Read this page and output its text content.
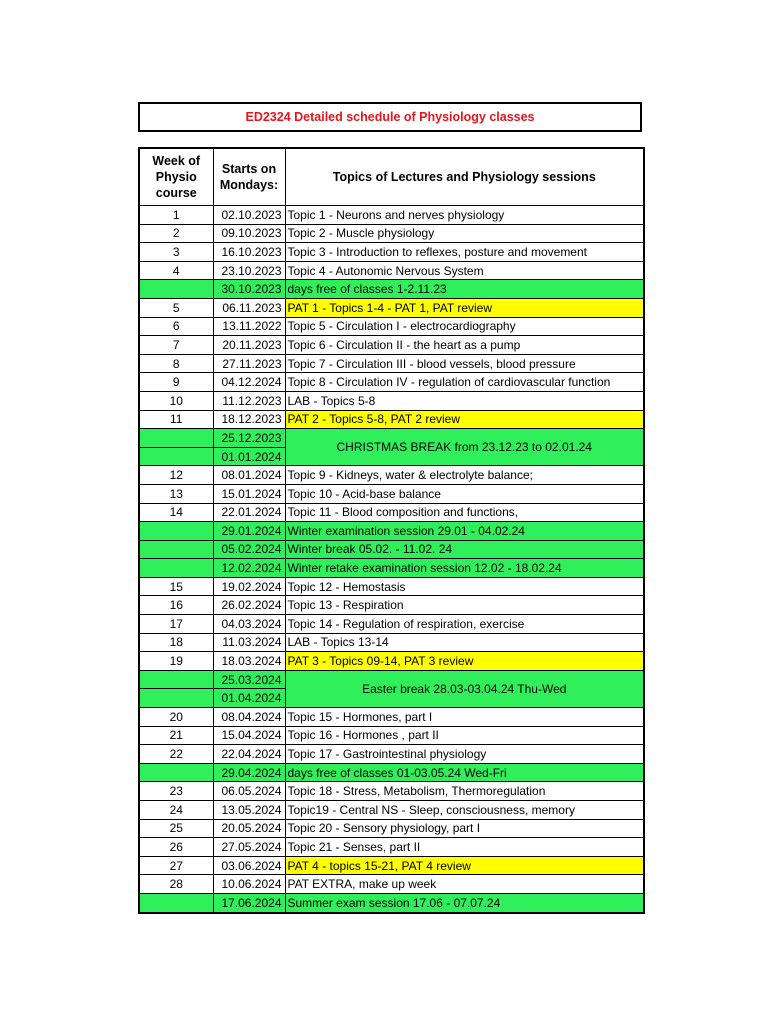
ED2324 Detailed schedule of Physiology classes
Week of Physio course	Starts on Mondays:	Topics of Lectures and Physiology sessions
1	02.10.2023	Topic 1 - Neurons and nerves physiology
2	09.10.2023	Topic 2 - Muscle physiology
3	16.10.2023	Topic 3 - Introduction to reflexes, posture and movement
4	23.10.2023	Topic 4 - Autonomic Nervous System
	30.10.2023	days free of classes 1-2.11.23
5	06.11.2023	PAT 1 - Topics 1-4 - PAT 1, PAT review
6	13.11.2022	Topic 5 - Circulation I - electrocardiography
7	20.11.2023	Topic 6 - Circulation II - the heart as a pump
8	27.11.2023	Topic 7 - Circulation III - blood vessels, blood pressure
9	04.12.2024	Topic 8 - Circulation IV - regulation of cardiovascular function
10	11.12.2023	LAB - Topics 5-8
11	18.12.2023	PAT 2 - Topics 5-8, PAT 2 review
	25.12.2023	CHRISTMAS BREAK from 23.12.23 to 02.01.24
	01.01.2024	
12	08.01.2024	Topic 9 - Kidneys, water & electrolyte balance;
13	15.01.2024	Topic 10 - Acid-base balance
14	22.01.2024	Topic 11 - Blood composition and functions,
	29.01.2024	Winter examination session 29.01 - 04.02.24
	05.02.2024	Winter break 05.02. - 11.02. 24
	12.02.2024	Winter retake examination session 12.02 - 18.02.24
15	19.02.2024	Topic 12 - Hemostasis
16	26.02.2024	Topic 13 - Respiration
17	04.03.2024	Topic 14 - Regulation of respiration, exercise
18	11.03.2024	LAB - Topics 13-14
19	18.03.2024	PAT 3 - Topics 09-14, PAT 3 review
	25.03.2024	Easter break 28.03-03.04.24 Thu-Wed
	01.04.2024	
20	08.04.2024	Topic 15 - Hormones, part I
21	15.04.2024	Topic 16 - Hormones , part II
22	22.04.2024	Topic 17 - Gastrointestinal physiology
	29.04.2024	days free of classes 01-03.05.24 Wed-Fri
23	06.05.2024	Topic 18 - Stress, Metabolism, Thermoregulation
24	13.05.2024	Topic19 - Central NS - Sleep, consciousness, memory
25	20.05.2024	Topic 20 - Sensory physiology, part I
26	27.05.2024	Topic 21 - Senses, part II
27	03.06.2024	PAT 4 - topics 15-21, PAT 4 review
28	10.06.2024	PAT EXTRA, make up week
	17.06.2024	Summer exam session 17.06 - 07.07.24
